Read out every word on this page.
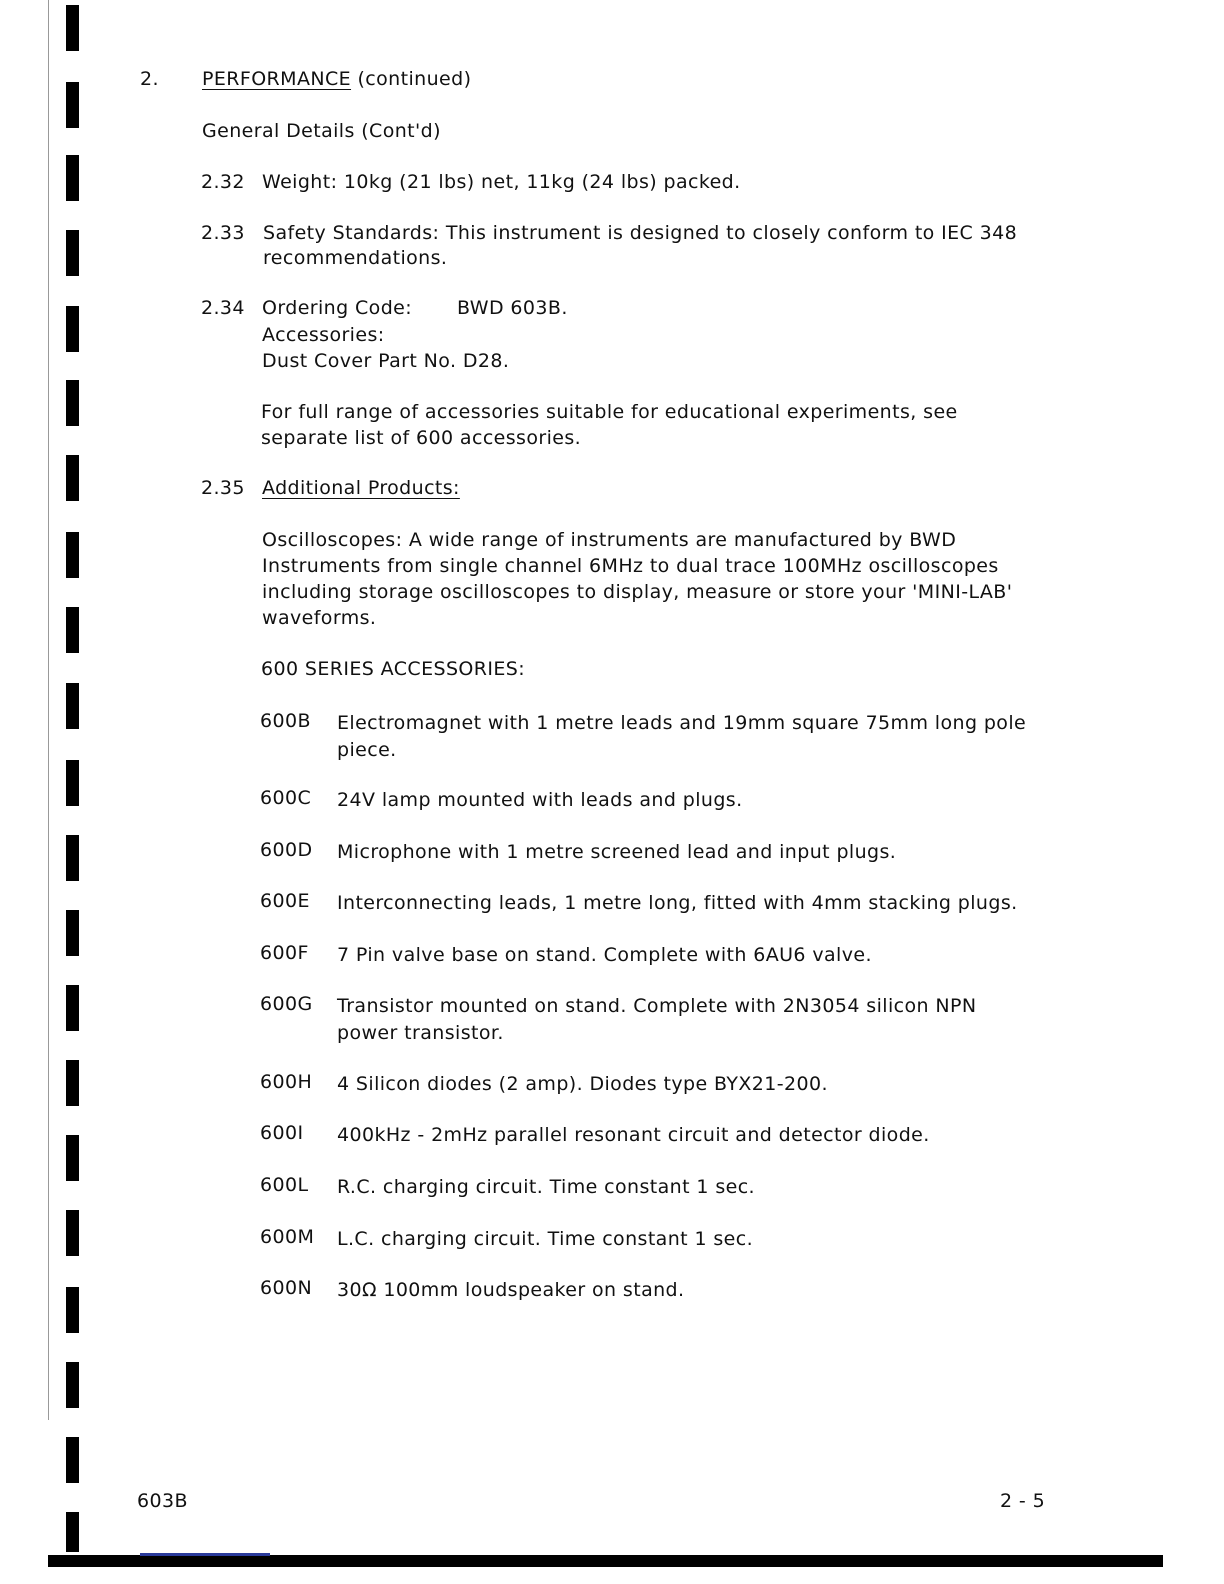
2. PERFORMANCE (continued)
General Details (Cont'd)
2.32 Weight: 10kg (21 lbs) net, 11kg (24 lbs) packed.
2.33 Safety Standards: This instrument is designed to closely conform to IEC 348
recommendations.
2.34 Ordering Code: BWD 603B.
Accessories:
Dust Cover Part No. D28.
For full range of accessories suitable for educational experiments, see
separate list of 600 accessories.
2.35 Additional Products:
Oscilloscopes: A wide range of instruments are manufactured by BWD
Instruments from single channel 6MHz to dual trace 100MHz oscilloscopes
including storage oscilloscopes to display, measure or store your 'MINI-LAB'
waveforms.
600 SERIES ACCESSORIES:
600B Electromagnet with 1 metre leads and 19mm square 75mm long pole piece.
600C 24V lamp mounted with leads and plugs.
600D Microphone with 1 metre screened lead and input plugs.
600E Interconnecting leads, 1 metre long, fitted with 4mm stacking plugs.
600F 7 Pin valve base on stand. Complete with 6AU6 valve.
600G Transistor mounted on stand. Complete with 2N3054 silicon NPN power transistor.
600H 4 Silicon diodes (2 amp). Diodes type BYX21-200.
600I 400kHz - 2mHz parallel resonant circuit and detector diode.
600L R.C. charging circuit. Time constant 1 sec.
600M L.C. charging circuit. Time constant 1 sec.
600N 30Ω 100mm loudspeaker on stand.
603B	2 - 5
